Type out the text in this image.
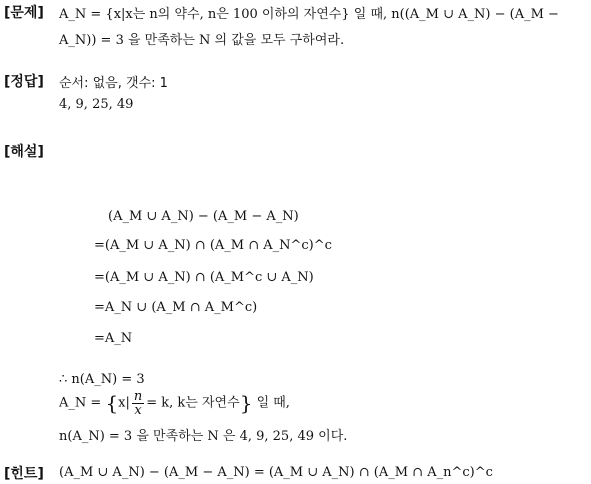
[문제] A_N = {x|x는 n의 약수, n은 100 이하의 자연수} 일 때, n((A_M ∪ A_N) − (A_M −
A_N)) = 3 을 만족하는 N 의 값을 모두 구하여라.
[정답] 순서: 없음, 갯수: 1
4, 9, 25, 49
[해설]
(A_M ∪ A_N) − (A_M − A_N)
=(A_M ∪ A_N) ∩ (A_M ∩ A_N^c)^c
=(A_M ∪ A_N) ∩ (A_M^c ∪ A_N)
=A_N ∪ (A_M ∩ A_M^c)
=A_N
∴ n(A_N) = 3
A_N = {$x| \frac{n}{x} = k$, k는 자연수} 일 때,
n(A_N) = 3 을 만족하는 N 은 4, 9, 25, 49 이다.
[힌트] (A_M ∪ A_N) − (A_M − A_N) = (A_M ∪ A_N) ∩ (A_M ∩ A_n^c)^c
